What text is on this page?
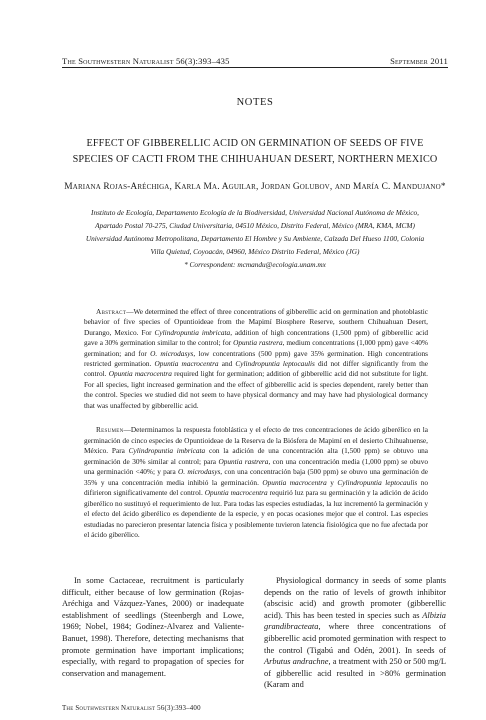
The Southwestern Naturalist 56(3):393–435	September 2011
NOTES
EFFECT OF GIBBERELLIC ACID ON GERMINATION OF SEEDS OF FIVE
SPECIES OF CACTI FROM THE CHIHUAHUAN DESERT, NORTHERN MEXICO
Mariana Rojas-Aréchiga, Karla Ma. Aguilar, Jordan Golubov, and María C. Mandujano*
Instituto de Ecología, Departamento Ecología de la Biodiversidad, Universidad Nacional Autónoma de México,
Apartado Postal 70-275, Ciudad Universitaria, 04510 México, Distrito Federal, México (MRA, KMA, MCM)
Universidad Autónoma Metropolitana, Departamento El Hombre y Su Ambiente, Calzada Del Hueso 1100, Colonia
Villa Quietud, Coyoacán, 04960, México Distrito Federal, México (JG)
* Correspondent: mcmandu@ecologia.unam.mx

Abstract—We determined the effect of three concentrations of gibberellic acid on germination and photoblastic behavior of five species of Opuntioideae from the Mapimí Biosphere Reserve, southern Chihuahuan Desert, Durango, Mexico. For Cylindropuntia imbricata, addition of high concentrations (1,500 ppm) of gibberellic acid gave a 30% germination similar to the control; for Opuntia rastrera, medium concentrations (1,000 ppm) gave <40% germination; and for O. microdasys, low concentrations (500 ppm) gave 35% germination. High concentrations restricted germination. Opuntia macrocentra and Cylindropuntia leptocaulis did not differ significantly from the control. Opuntia macrocentra required light for germination; addition of gibberellic acid did not substitute for light. For all species, light increased germination and the effect of gibberellic acid is species dependent, rarely better than the control. Species we studied did not seem to have physical dormancy and may have had physiological dormancy that was unaffected by gibberellic acid.

Resumen—Determinamos la respuesta fotoblástica y el efecto de tres concentraciones de ácido giberélico en la germinación de cinco especies de Opuntioideae de la Reserva de la Biósfera de Mapimí en el desierto Chihuahuense, México. Para Cylindropuntia imbricata con la adición de una concentración alta (1,500 ppm) se obtuvo una germinación de 30% similar al control; para Opuntia rastrera, con una concentración media (1,000 ppm) se obuvo una germinación <40%; y para O. microdasys, con una concentración baja (500 ppm) se obuvo una germinación de 35% y una concentración media inhibió la germinación. Opuntia macrocentra y Cylindropuntia leptocaulis no difirieron significativamente del control. Opuntia macrocentra requirió luz para su germinación y la adición de ácido giberélico no sustituyó el requerimiento de luz. Para todas las especies estudiadas, la luz incrementó la germinación y el efecto del ácido giberélico es dependiente de la especie, y en pocas ocasiones mejor que el control. Las especies estudiadas no parecieron presentar latencia física y posiblemente tuvieron latencia fisiológica que no fue afectada por el ácido giberélico.

In some Cactaceae, recruitment is particularly difficult, either because of low germination (Rojas-Aréchiga and Vázquez-Yanes, 2000) or inadequate establishment of seedlings (Steenbergh and Lowe, 1969; Nobel, 1984; Godínez-Alvarez and Valiente-Banuet, 1998). Therefore, detecting mechanisms that promote germination have important implications; especially, with regard to propagation of species for conservation and management.

Physiological dormancy in seeds of some plants depends on the ratio of levels of growth inhibitor (abscisic acid) and growth promoter (gibberellic acid). This has been tested in species such as Albizia grandibracteata, where three concentrations of gibberellic acid promoted germination with respect to the control (Tigabú and Odén, 2001). In seeds of Arbutus andrachne, a treatment with 250 or 500 mg/L of gibberellic acid resulted in >80% germination (Karam and

The Southwestern Naturalist 56(3):393–400
